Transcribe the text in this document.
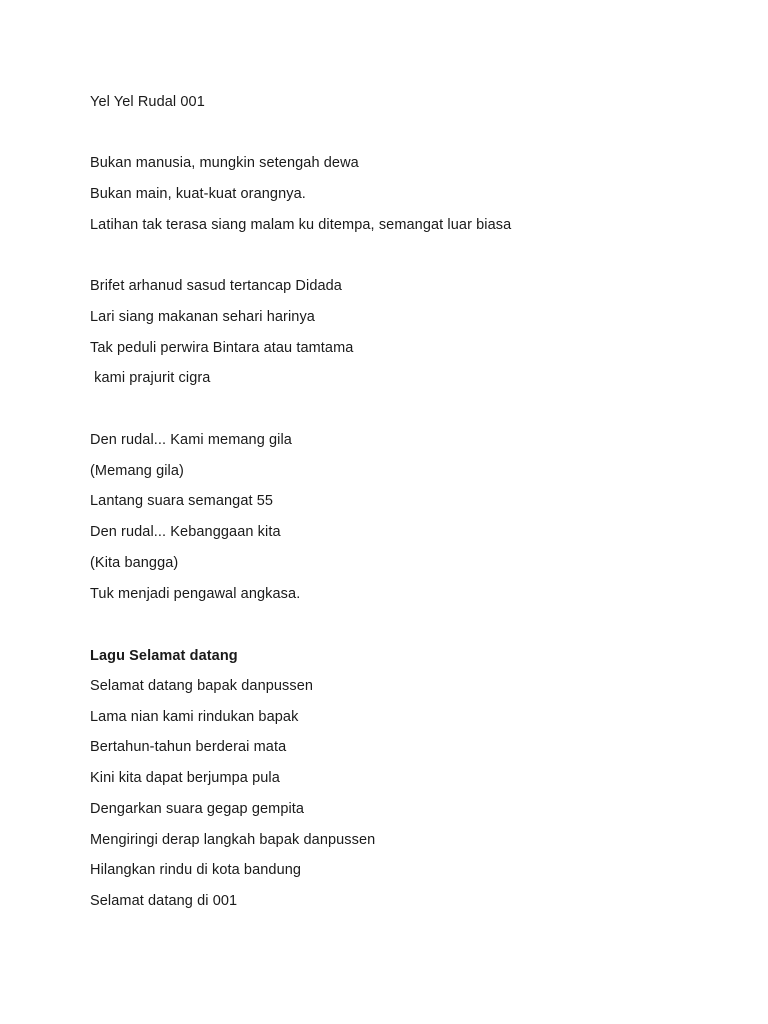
Yel Yel Rudal 001
Bukan manusia, mungkin setengah dewa
Bukan main, kuat-kuat orangnya.
Latihan tak terasa siang malam ku ditempa, semangat luar biasa
Brifet arhanud sasud tertancap Didada
Lari siang makanan sehari harinya
Tak peduli perwira Bintara atau tamtama
kami prajurit cigra
Den rudal... Kami memang gila
(Memang gila)
Lantang suara semangat 55
Den rudal... Kebanggaan kita
(Kita bangga)
Tuk menjadi pengawal angkasa.
Lagu Selamat datang
Selamat datang bapak danpussen
Lama nian kami rindukan bapak
Bertahun-tahun berderai mata
Kini kita dapat berjumpa pula
Dengarkan suara gegap gempita
Mengiringi derap langkah bapak danpussen
Hilangkan rindu di kota bandung
Selamat datang di 001
